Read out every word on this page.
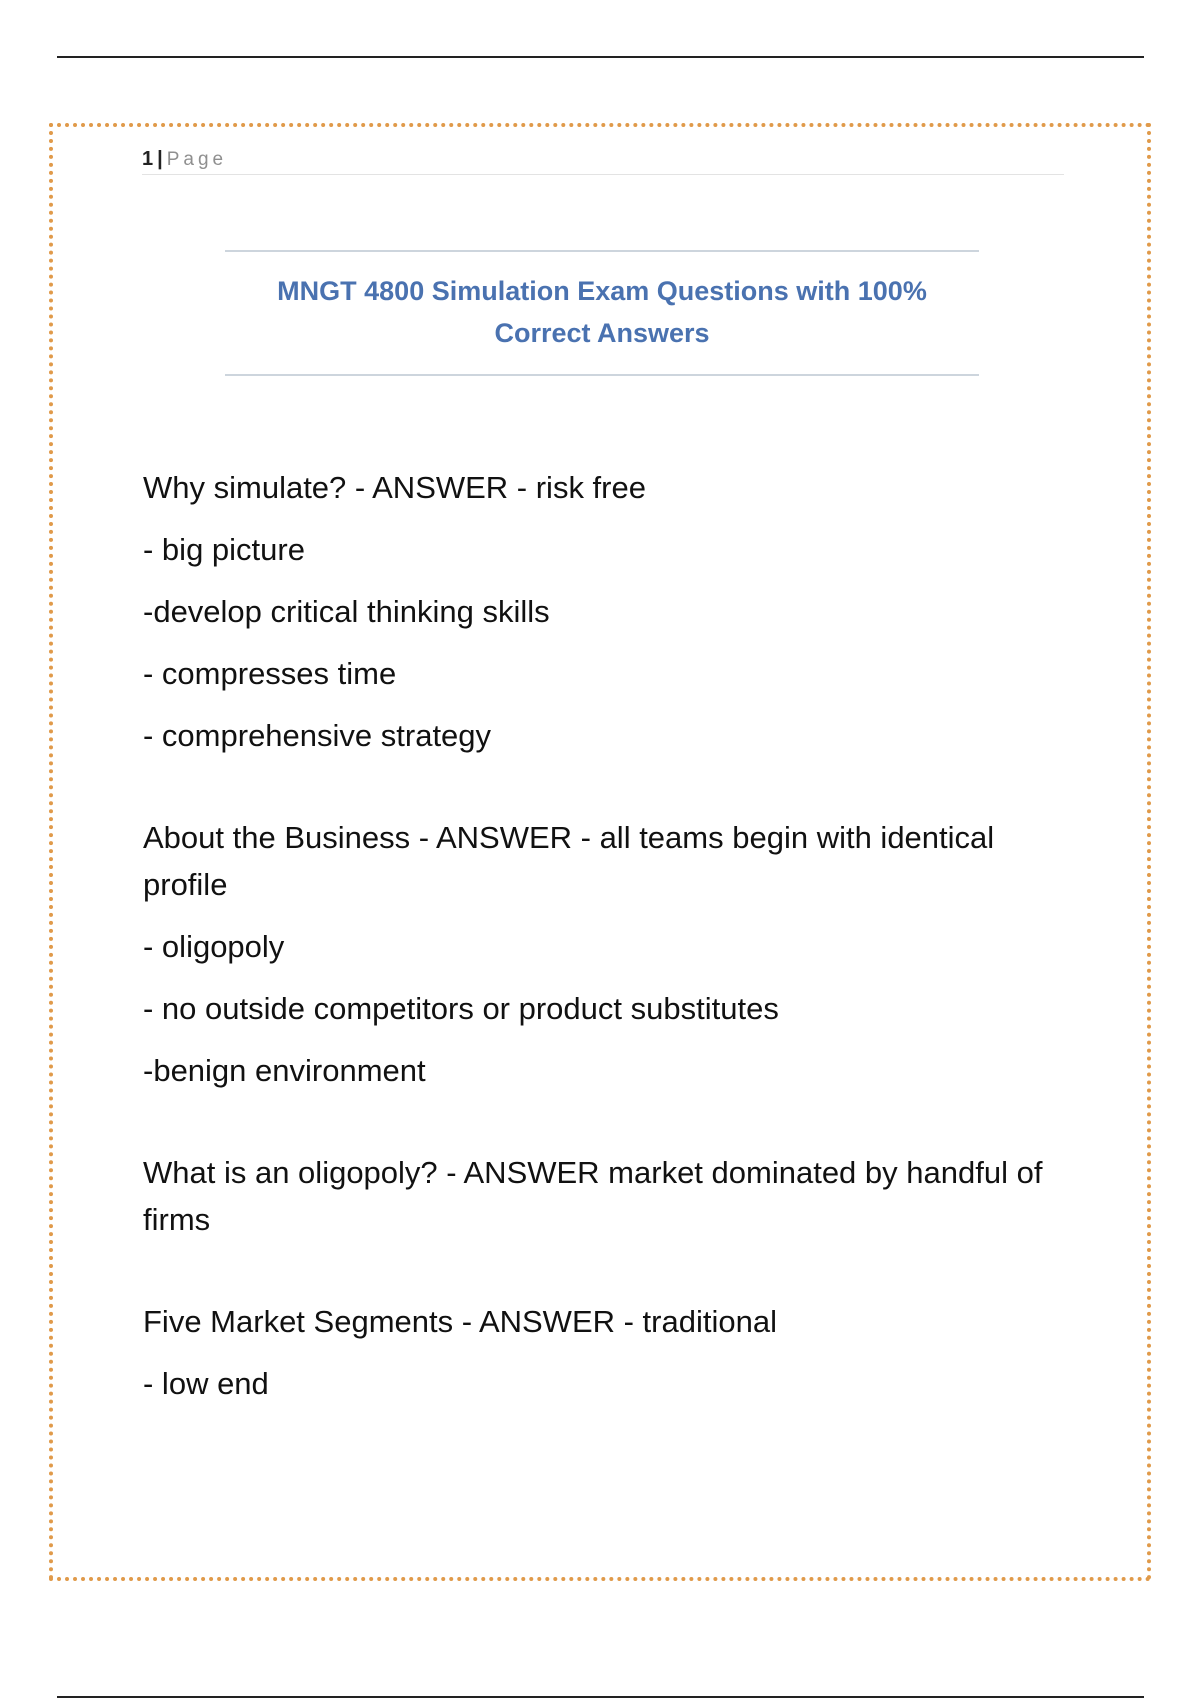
1 | Page
MNGT 4800 Simulation Exam Questions with 100%
Correct Answers
Why simulate? - ANSWER - risk free
- big picture
-develop critical thinking skills
- compresses time
- comprehensive strategy
About the Business - ANSWER - all teams begin with identical profile
- oligopoly
- no outside competitors or product substitutes
-benign environment
What is an oligopoly? - ANSWER market dominated by handful of firms
Five Market Segments - ANSWER - traditional
- low end
